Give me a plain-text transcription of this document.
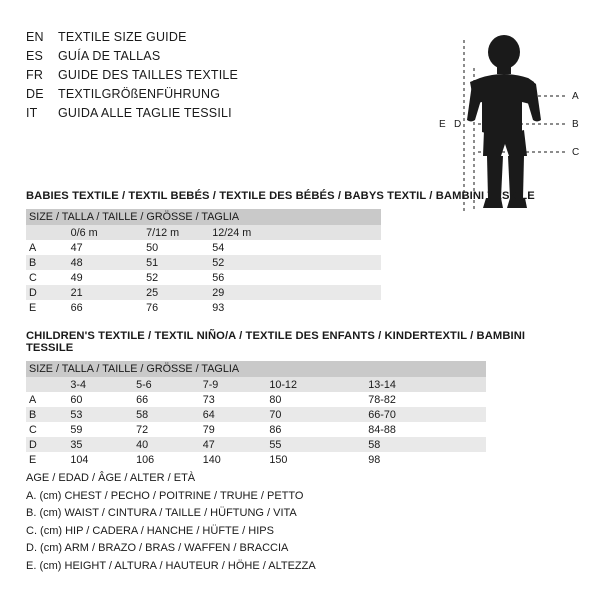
EN	TEXTILE SIZE GUIDE
ES	GUÍA DE TALLAS
FR	GUIDE DES TAILLES TEXTILE
DE	TEXTILGRÖßENFÜHRUNG
IT	GUIDA ALLE TAGLIE TESSILI
A
B
C
E D
BABIES TEXTILE / TEXTIL BEBÉS / TEXTILE DES BÉBÉS / BABYS TEXTIL / BAMBINI TESSILE
SIZE / TALLA / TAILLE / GRÖSSE / TAGLIA			
	0/6 m	7/12 m	12/24 m
A	47	50	54
B	48	51	52
C	49	52	56
D	21	25	29
E	66	76	93
CHILDREN'S TEXTILE / TEXTIL NIÑO/A / TEXTILE DES ENFANTS / KINDERTEXTIL / BAMBINI TESSILE
SIZE / TALLA / TAILLE / GRÖSSE / TAGLIA					
	3-4	5-6	7-9	10-12	13-14
A	60	66	73	80	78-82
B	53	58	64	70	66-70
C	59	72	79	86	84-88
D	35	40	47	55	58
E	104	106	140	150	98
AGE / EDAD / ÂGE / ALTER / ETÀ
A. (cm) CHEST / PECHO / POITRINE / TRUHE / PETTO
B. (cm) WAIST / CINTURA / TAILLE / HÜFTUNG / VITA
C. (cm) HIP / CADERA / HANCHE / HÜFTE / HIPS
D. (cm) ARM / BRAZO / BRAS / WAFFEN / BRACCIA
E. (cm) HEIGHT / ALTURA / HAUTEUR / HÖHE / ALTEZZA
